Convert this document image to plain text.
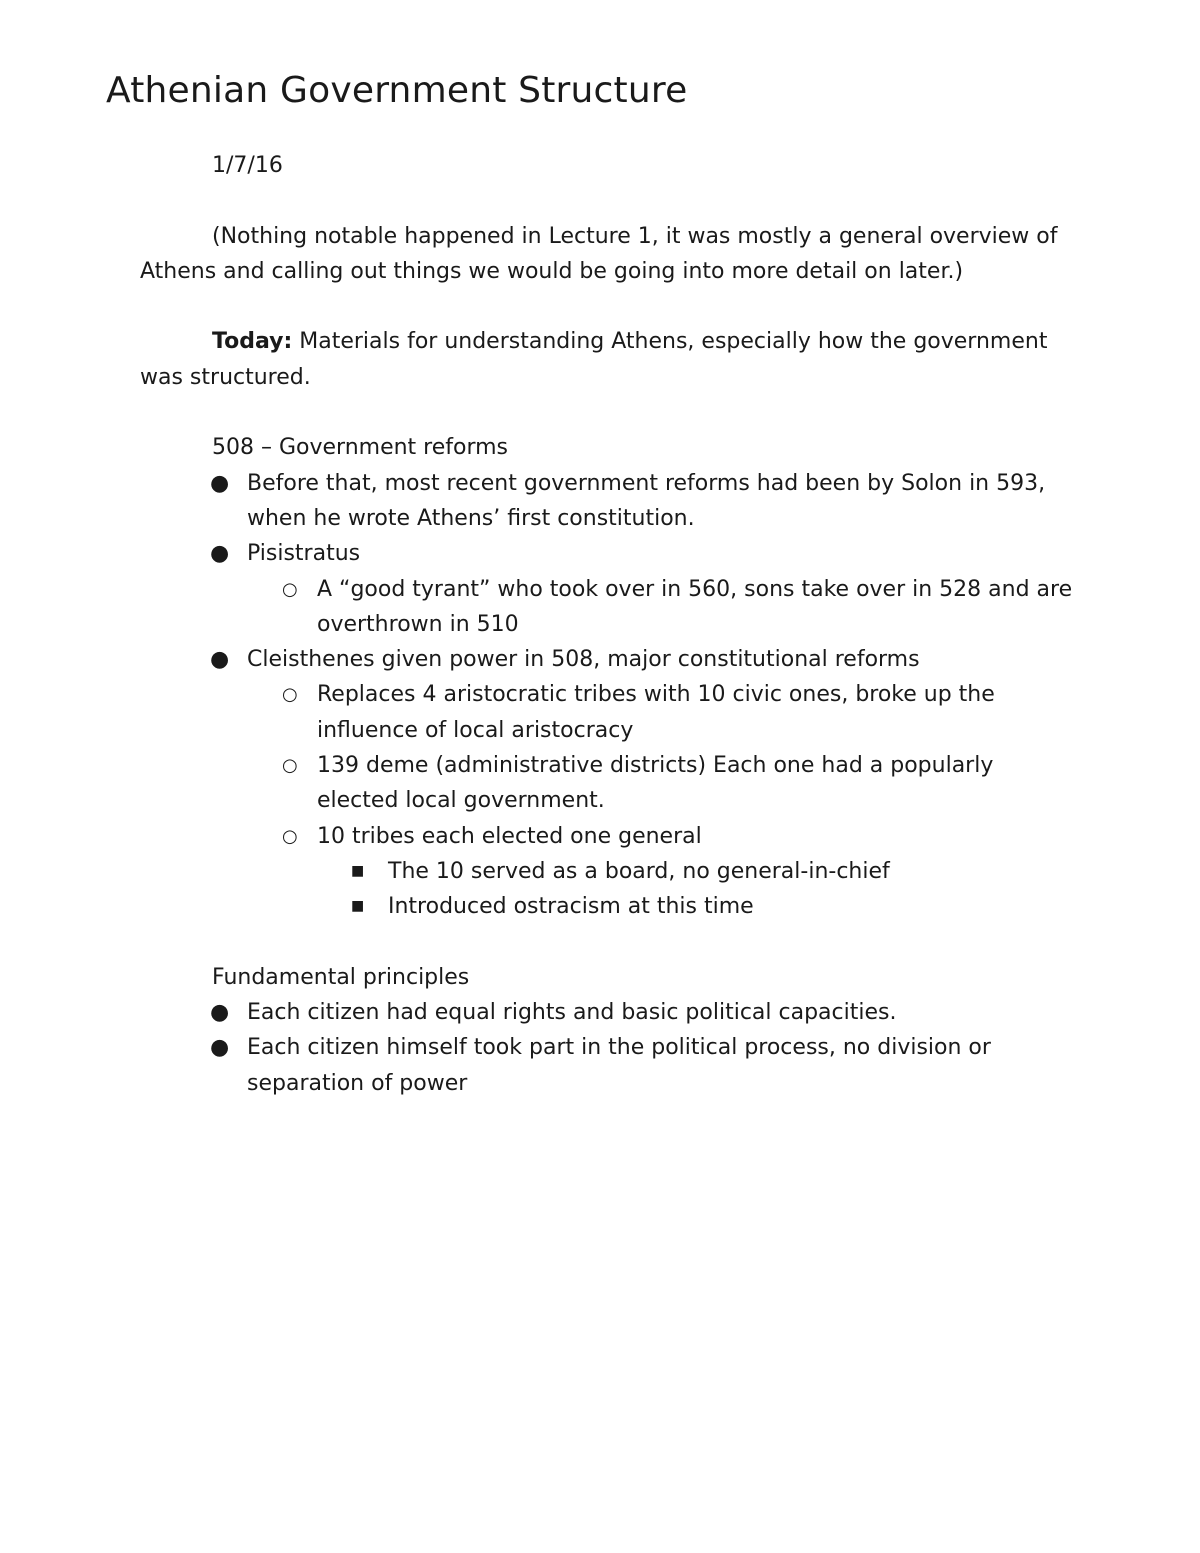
Athenian Government Structure
1/7/16
(Nothing notable happened in Lecture 1, it was mostly a general overview of Athens and calling out things we would be going into more detail on later.)
Today: Materials for understanding Athens, especially how the government was structured.
508 – Government reforms
● Before that, most recent government reforms had been by Solon in 593, when he wrote Athens’ first constitution.
● Pisistratus
○ A “good tyrant” who took over in 560, sons take over in 528 and are overthrown in 510
● Cleisthenes given power in 508, major constitutional reforms
○ Replaces 4 aristocratic tribes with 10 civic ones, broke up the influence of local aristocracy
○ 139 deme (administrative districts) Each one had a popularly elected local government.
○ 10 tribes each elected one general
■ The 10 served as a board, no general-in-chief
■ Introduced ostracism at this time
Fundamental principles
● Each citizen had equal rights and basic political capacities.
● Each citizen himself took part in the political process, no division or separation of power
